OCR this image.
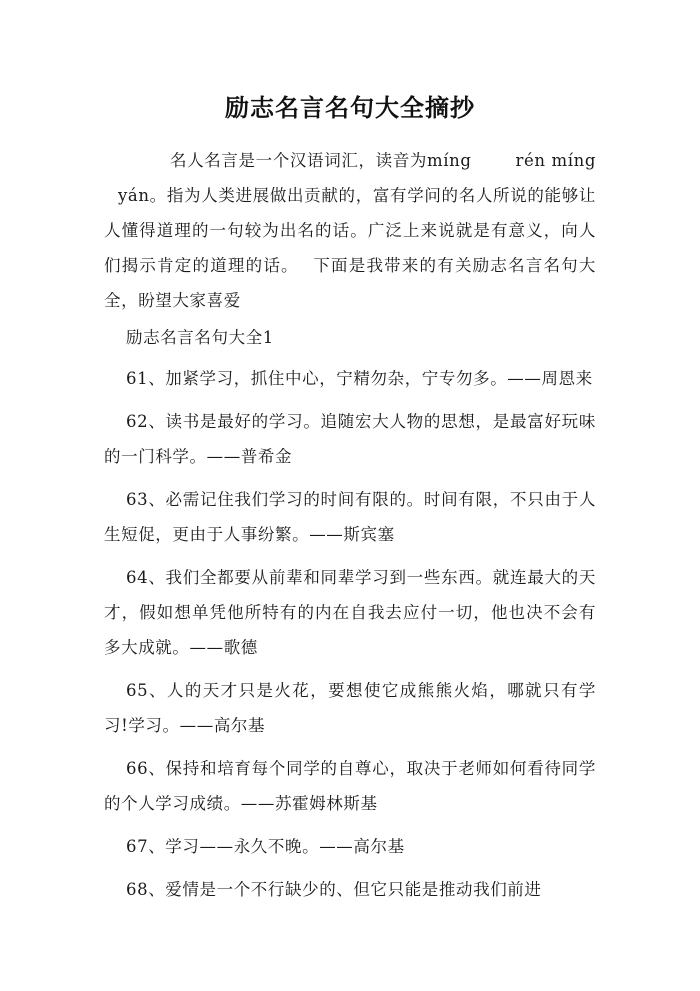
励志名言名句大全摘抄

名人名言是一个汉语词汇，读音为míng	rén míngyán。指为人类进展做出贡献的，富有学问的名人所说的能够让人懂得道理的一句较为出名的话。广泛上来说就是有意义，向人们揭示肯定的道理的话。 下面是我带来的有关励志名言名句大全，盼望大家喜爱

励志名言名句大全1

61、加紧学习，抓住中心，宁精勿杂，宁专勿多。——周恩来

62、读书是最好的学习。追随宏大人物的思想，是最富好玩味的一门科学。——普希金

63、必需记住我们学习的时间有限的。时间有限，不只由于人生短促，更由于人事纷繁。——斯宾塞

64、我们全都要从前辈和同辈学习到一些东西。就连最大的天才，假如想单凭他所特有的内在自我去应付一切，他也决不会有多大成就。——歌德

65、人的天才只是火花，要想使它成熊熊火焰，哪就只有学习!学习。——高尔基

66、保持和培育每个同学的自尊心，取决于老师如何看待同学的个人学习成绩。——苏霍姆林斯基

67、学习——永久不晚。——高尔基

68、爱情是一个不行缺少的、但它只能是推动我们前进
